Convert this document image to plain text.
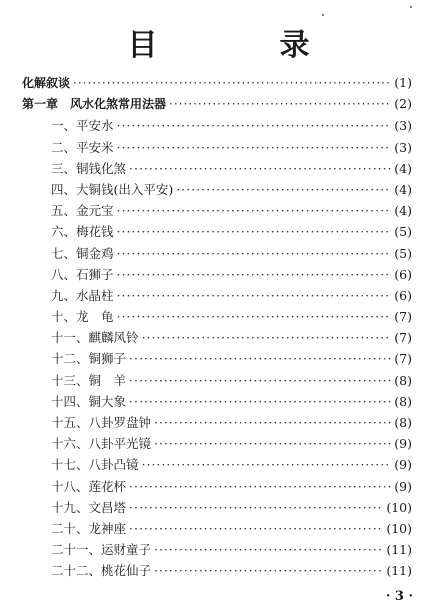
目　录
化解叙谈 ·····	(1)
第一章　风水化煞常用法器 ·····	(2)
一、平安水 ·····	(3)
二、平安米 ·····	(3)
三、铜钱化煞 ·····	(4)
四、大铜钱(出入平安) ·····	(4)
五、金元宝 ·····	(4)
六、梅花钱 ·····	(5)
七、铜金鸡 ·····	(5)
八、石狮子 ·····	(6)
九、水晶柱 ·····	(6)
十、龙　龟 ·····	(7)
十一、麒麟风铃 ·····	(7)
十二、铜狮子 ·····	(7)
十三、铜　羊 ·····	(8)
十四、铜大象 ·····	(8)
十五、八卦罗盘钟 ·····	(8)
十六、八卦平光镜 ·····	(9)
十七、八卦凸镜 ·····	(9)
十八、莲花杯 ·····	(9)
十九、文昌塔 ·····	(10)
二十、龙神座 ·····	(10)
二十一、运财童子 ·····	(11)
二十二、桃花仙子 ·····	(11)
· 3 ·
